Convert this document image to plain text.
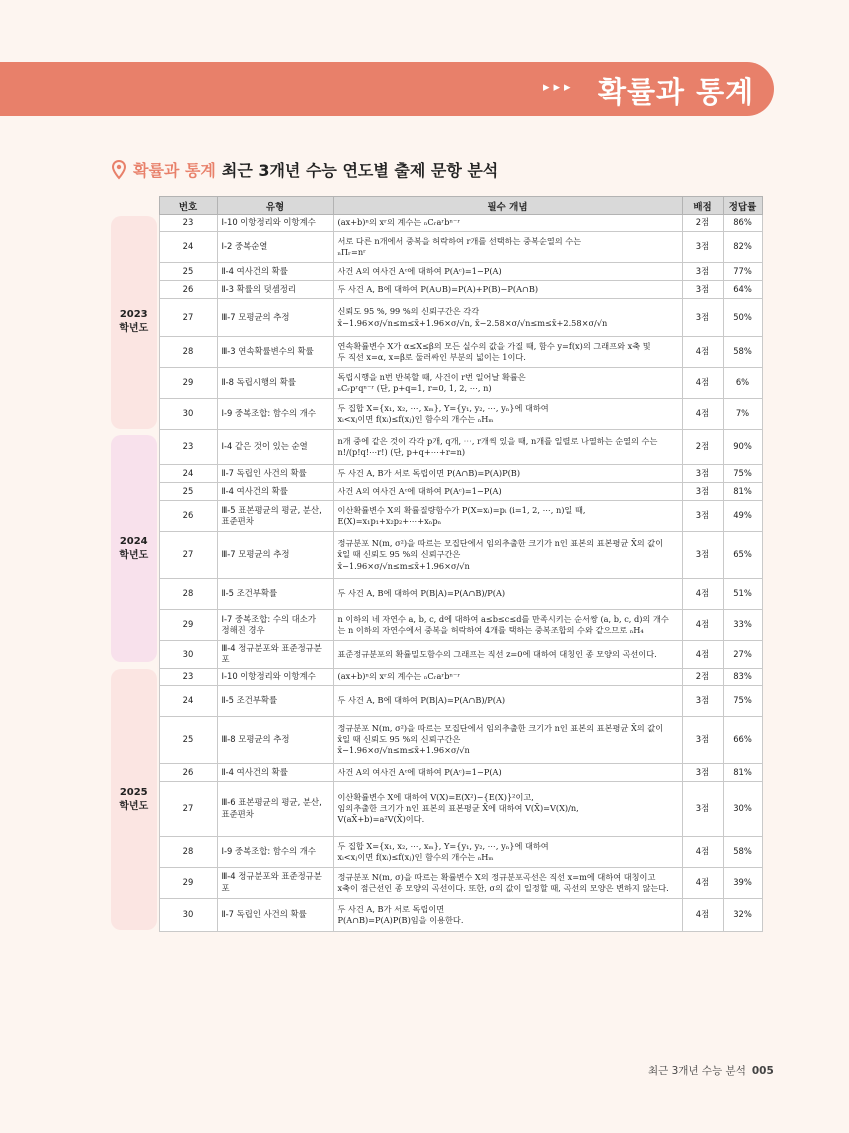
▸▸▸ 확률과 통계
확률과 통계 최근 3개년 수능 연도별 출제 문항 분석
	번호	유형	필수 개념	배점	정답률

2023
학년도	23	Ⅰ-10 이항정리와 이항계수	(ax+b)ⁿ의 xʳ의 계수는 ₙCᵣaʳbⁿ⁻ʳ	2점	86%
	24	Ⅰ-2 중복순열	서로 다른 n개에서 중복을 허락하여 r개를 선택하는 중복순열의 수는
ₙΠᵣ=nʳ	3점	82%
	25	Ⅱ-4 여사건의 확률	사건 A의 여사건 Aᶜ에 대하여 P(Aᶜ)=1−P(A)	3점	77%
	26	Ⅱ-3 확률의 덧셈정리	두 사건 A, B에 대하여 P(A∪B)=P(A)+P(B)−P(A∩B)	3점	64%
	27	Ⅲ-7 모평균의 추정	신뢰도 95 %, 99 %의 신뢰구간은 각각
x̄−1.96×σ/√n≤m≤x̄+1.96×σ/√n, x̄−2.58×σ/√n≤m≤x̄+2.58×σ/√n	3점	50%
	28	Ⅲ-3 연속확률변수의 확률	연속확률변수 X가 α≤X≤β의 모든 실수의 값을 가질 때, 함수 y=f(x)의 그래프와 x축 및
두 직선 x=α, x=β로 둘러싸인 부분의 넓이는 1이다.	4점	58%
	29	Ⅱ-8 독립시행의 확률	독립시행을 n번 반복할 때, 사건이 r번 일어날 확률은
ₙCᵣpʳqⁿ⁻ʳ (단, p+q=1, r=0, 1, 2, ⋯, n)	4점	6%
	30	Ⅰ-9 중복조합: 함수의 개수	두 집합 X={x₁, x₂, ⋯, xₘ}, Y={y₁, y₂, ⋯, yₙ}에 대하여
xᵢ<xⱼ이면 f(xᵢ)≤f(xⱼ)인 함수의 개수는 ₙHₘ	4점	7%

2024
학년도	23	Ⅰ-4 같은 것이 있는 순열	n개 중에 같은 것이 각각 p개, q개, ⋯, r개씩 있을 때, n개를 일렬로 나열하는 순열의 수는
n!/(p!q!⋯r!) (단, p+q+⋯+r=n)	2점	90%
	24	Ⅱ-7 독립인 사건의 확률	두 사건 A, B가 서로 독립이면 P(A∩B)=P(A)P(B)	3점	75%
	25	Ⅱ-4 여사건의 확률	사건 A의 여사건 Aᶜ에 대하여 P(Aᶜ)=1−P(A)	3점	81%
	26	Ⅲ-5 표본평균의 평균, 분산,
표준편차	이산확률변수 X의 확률질량함수가 P(X=xᵢ)=pᵢ (i=1, 2, ⋯, n)일 때,
E(X)=x₁p₁+x₂p₂+⋯+xₙpₙ	3점	49%
	27	Ⅲ-7 모평균의 추정	정규분포 N(m, σ²)을 따르는 모집단에서 임의추출한 크기가 n인 표본의 표본평균 X̄의 값이
x̄일 때 신뢰도 95 %의 신뢰구간은
x̄−1.96×σ/√n≤m≤x̄+1.96×σ/√n	3점	65%
	28	Ⅱ-5 조건부확률	두 사건 A, B에 대하여 P(B|A)=P(A∩B)/P(A)	4점	51%
	29	Ⅰ-7 중복조합: 수의 대소가
정해진 경우	n 이하의 네 자연수 a, b, c, d에 대하여 a≤b≤c≤d를 만족시키는 순서쌍 (a, b, c, d)의 개수
는 n 이하의 자연수에서 중복을 허락하여 4개를 택하는 중복조합의 수와 같으므로 ₙH₄	4점	33%
	30	Ⅲ-4 정규분포와 표준정규분포	표준정규분포의 확률밀도함수의 그래프는 직선 z=0에 대하여 대칭인 종 모양의 곡선이다.	4점	27%

2025
학년도	23	Ⅰ-10 이항정리와 이항계수	(ax+b)ⁿ의 xʳ의 계수는 ₙCᵣaʳbⁿ⁻ʳ	2점	83%
	24	Ⅱ-5 조건부확률	두 사건 A, B에 대하여 P(B|A)=P(A∩B)/P(A)	3점	75%
	25	Ⅲ-8 모평균의 추정	정규분포 N(m, σ²)을 따르는 모집단에서 임의추출한 크기가 n인 표본의 표본평균 X̄의 값이
x̄일 때 신뢰도 95 %의 신뢰구간은
x̄−1.96×σ/√n≤m≤x̄+1.96×σ/√n	3점	66%
	26	Ⅱ-4 여사건의 확률	사건 A의 여사건 Aᶜ에 대하여 P(Aᶜ)=1−P(A)	3점	81%
	27	Ⅲ-6 표본평균의 평균, 분산,
표준편차	이산확률변수 X에 대하여 V(X)=E(X²)−{E(X)}²이고,
임의추출한 크기가 n인 표본의 표본평균 X̄에 대하여 V(X̄)=V(X)/n,
V(aX̄+b)=a²V(X̄)이다.	3점	30%
	28	Ⅰ-9 중복조합: 함수의 개수	두 집합 X={x₁, x₂, ⋯, xₘ}, Y={y₁, y₂, ⋯, yₙ}에 대하여
xᵢ<xⱼ이면 f(xᵢ)≤f(xⱼ)인 함수의 개수는 ₙHₘ	4점	58%
	29	Ⅲ-4 정규분포와 표준정규분포	정규분포 N(m, σ)을 따르는 확률변수 X의 정규분포곡선은 직선 x=m에 대하여 대칭이고
x축이 점근선인 종 모양의 곡선이다. 또한, σ의 값이 일정할 때, 곡선의 모양은 변하지 않는다.	4점	39%
	30	Ⅱ-7 독립인 사건의 확률	두 사건 A, B가 서로 독립이면
P(A∩B)=P(A)P(B)임을 이용한다.	4점	32%
최근 3개년 수능 분석 005
